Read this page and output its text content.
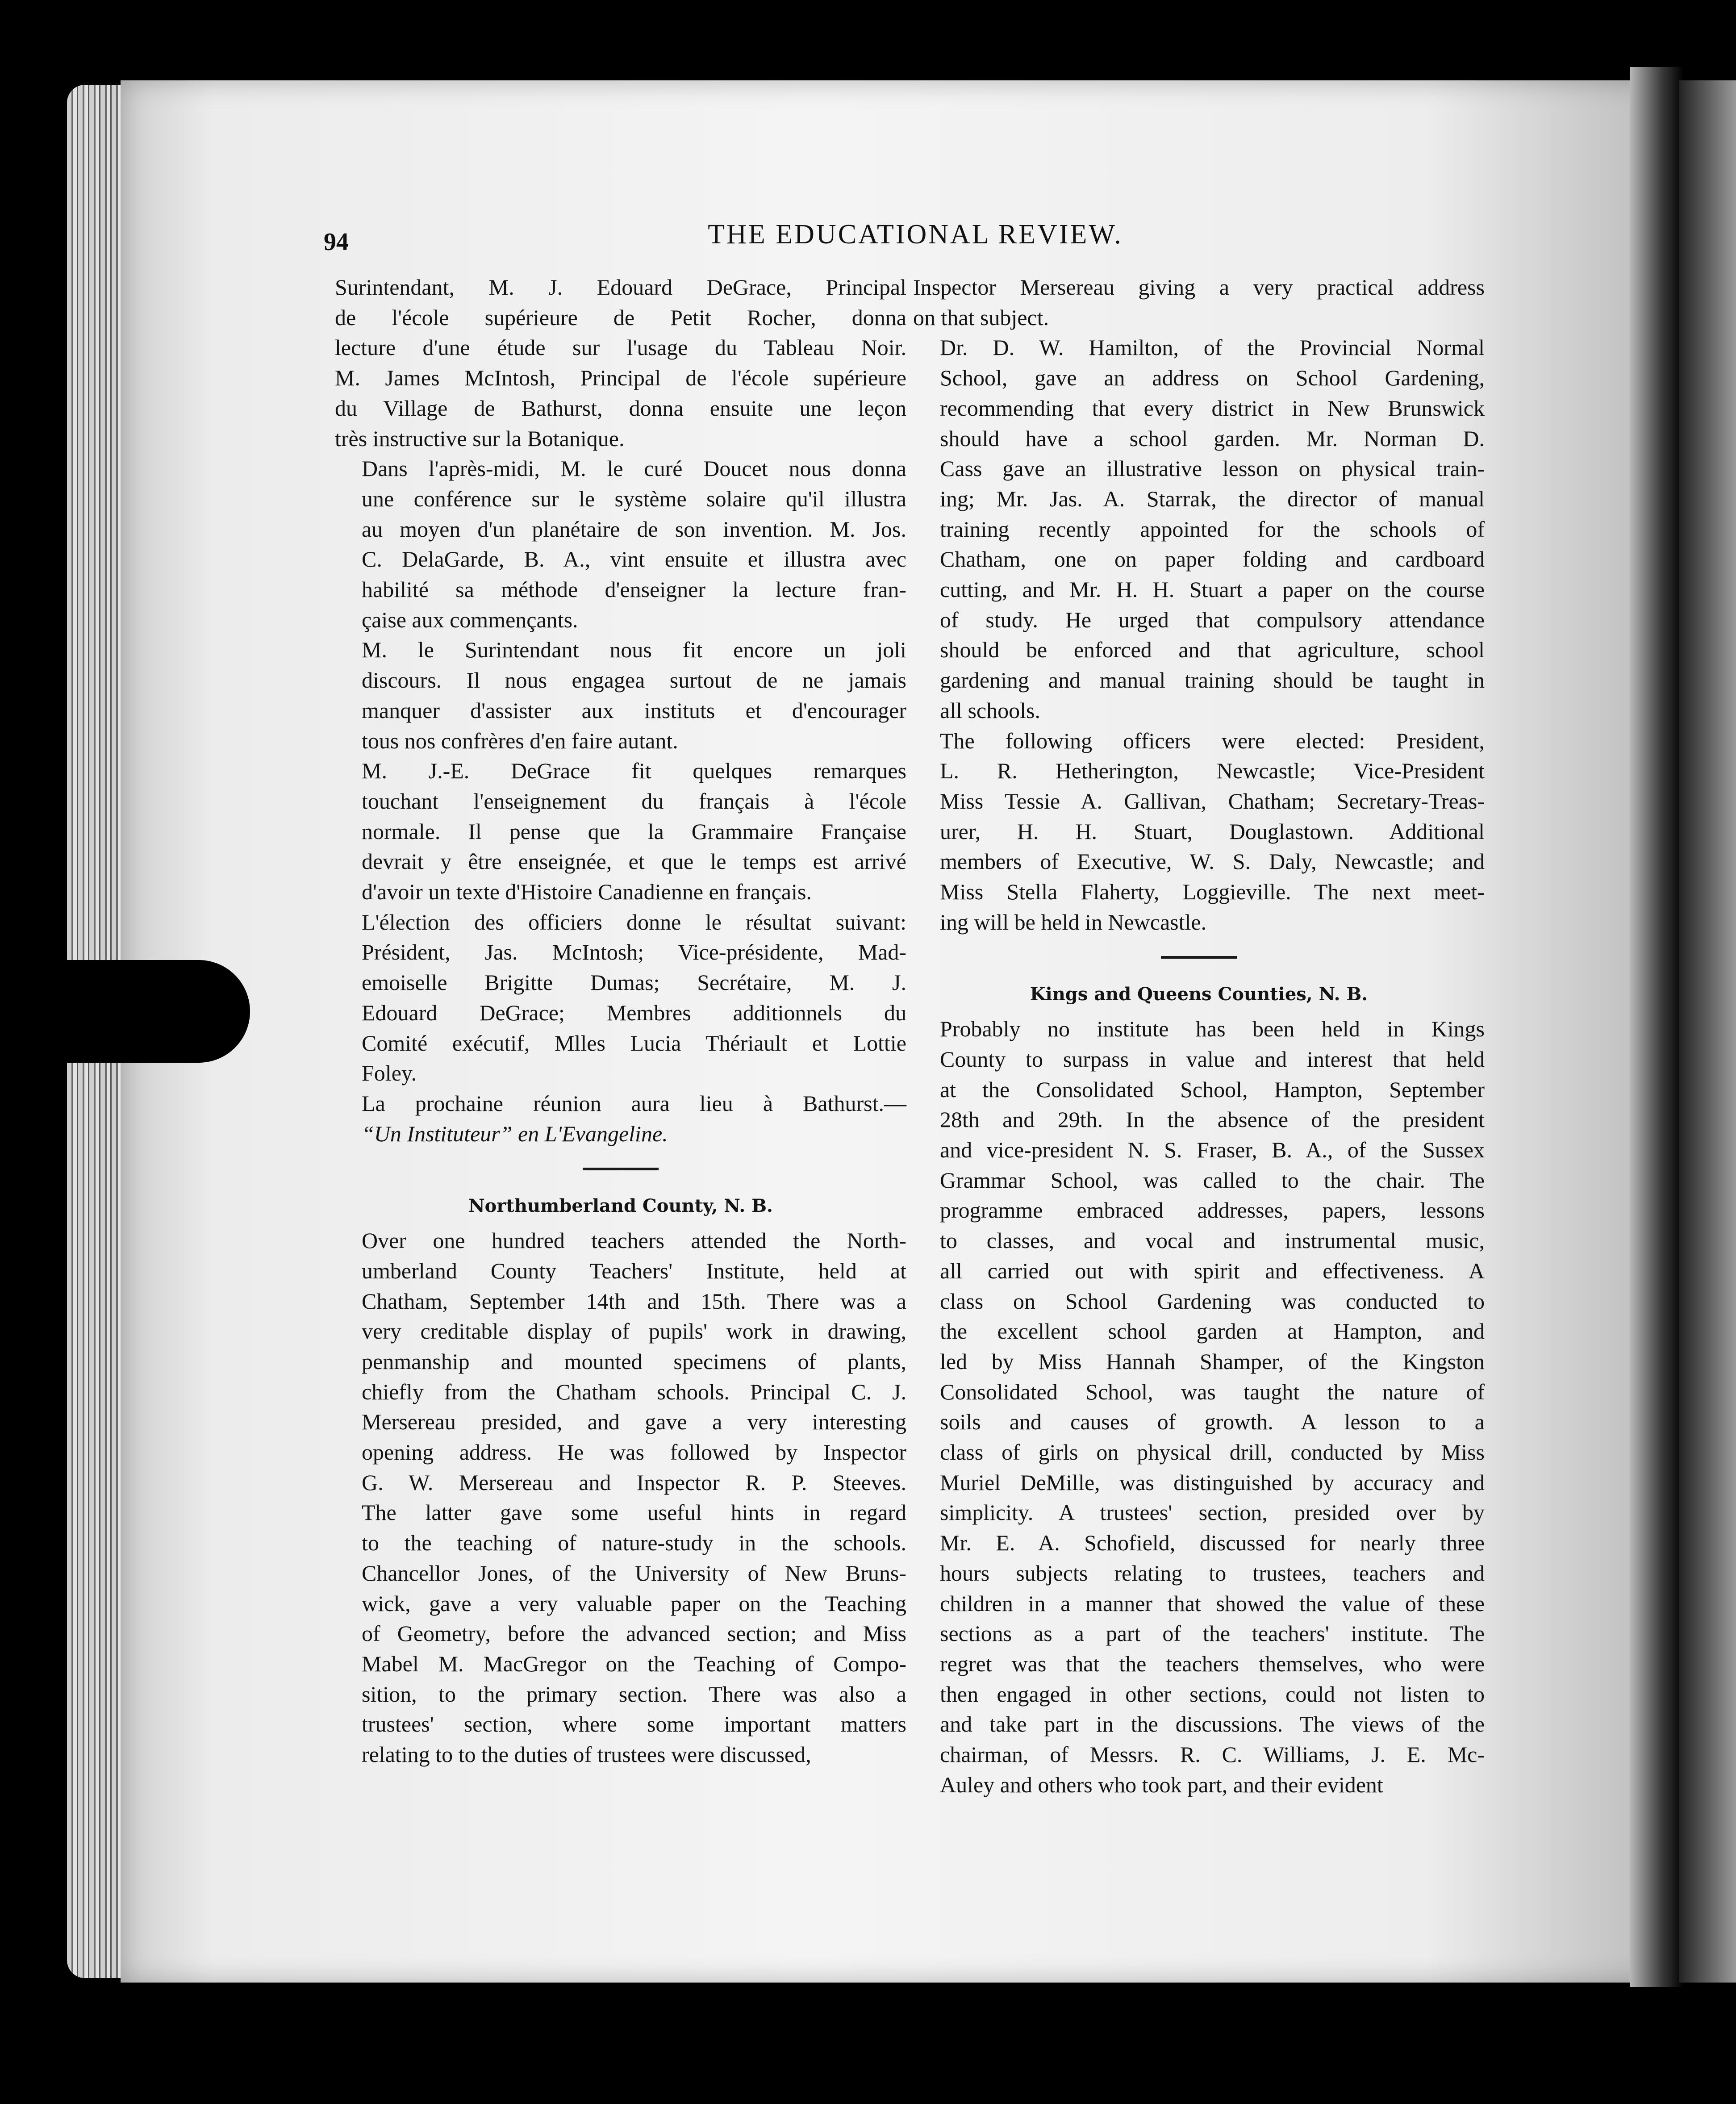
94	THE EDUCATIONAL REVIEW.

Surintendant, M. J. Edouard DeGrace, Principal
de l'école supérieure de Petit Rocher, donna
lecture d'une étude sur l'usage du Tableau Noir.
M. James McIntosh, Principal de l'école supérieure
du Village de Bathurst, donna ensuite une leçon
très instructive sur la Botanique.

Dans l'après-midi, M. le curé Doucet nous donna
une conférence sur le système solaire qu'il illustra
au moyen d'un planétaire de son invention. M. Jos.
C. DelaGarde, B. A., vint ensuite et illustra avec
habilité sa méthode d'enseigner la lecture fran-
çaise aux commençants.

M. le Surintendant nous fit encore un joli
discours. Il nous engagea surtout de ne jamais
manquer d'assister aux instituts et d'encourager
tous nos confrères d'en faire autant.

M. J.-E. DeGrace fit quelques remarques
touchant l'enseignement du français à l'école
normale. Il pense que la Grammaire Française
devrait y être enseignée, et que le temps est arrivé
d'avoir un texte d'Histoire Canadienne en français.

L'élection des officiers donne le résultat suivant:
Président, Jas. McIntosh; Vice-présidente, Mad-
emoiselle Brigitte Dumas; Secrétaire, M. J.
Edouard DeGrace; Membres additionnels du
Comité exécutif, Mlles Lucia Thériault et Lottie
Foley.

La prochaine réunion aura lieu à Bathurst.—
“Un Instituteur” en L'Evangeline.

Northumberland County, N. B.

Over one hundred teachers attended the North-
umberland County Teachers' Institute, held at
Chatham, September 14th and 15th. There was a
very creditable display of pupils' work in drawing,
penmanship and mounted specimens of plants,
chiefly from the Chatham schools. Principal C. J.
Mersereau presided, and gave a very interesting
opening address. He was followed by Inspector
G. W. Mersereau and Inspector R. P. Steeves.
The latter gave some useful hints in regard
to the teaching of nature-study in the schools.
Chancellor Jones, of the University of New Bruns-
wick, gave a very valuable paper on the Teaching
of Geometry, before the advanced section; and Miss
Mabel M. MacGregor on the Teaching of Compo-
sition, to the primary section. There was also a
trustees' section, where some important matters
relating to to the duties of trustees were discussed,

Inspector Mersereau giving a very practical address
on that subject.

Dr. D. W. Hamilton, of the Provincial Normal
School, gave an address on School Gardening,
recommending that every district in New Brunswick
should have a school garden. Mr. Norman D.
Cass gave an illustrative lesson on physical train-
ing; Mr. Jas. A. Starrak, the director of manual
training recently appointed for the schools of
Chatham, one on paper folding and cardboard
cutting, and Mr. H. H. Stuart a paper on the course
of study. He urged that compulsory attendance
should be enforced and that agriculture, school
gardening and manual training should be taught in
all schools.

The following officers were elected: President,
L. R. Hetherington, Newcastle; Vice-President
Miss Tessie A. Gallivan, Chatham; Secretary-Treas-
urer, H. H. Stuart, Douglastown. Additional
members of Executive, W. S. Daly, Newcastle; and
Miss Stella Flaherty, Loggieville. The next meet-
ing will be held in Newcastle.

Kings and Queens Counties, N. B.

Probably no institute has been held in Kings
County to surpass in value and interest that held
at the Consolidated School, Hampton, September
28th and 29th. In the absence of the president
and vice-president N. S. Fraser, B. A., of the Sussex
Grammar School, was called to the chair. The
programme embraced addresses, papers, lessons
to classes, and vocal and instrumental music,
all carried out with spirit and effectiveness. A
class on School Gardening was conducted to
the excellent school garden at Hampton, and
led by Miss Hannah Shamper, of the Kingston
Consolidated School, was taught the nature of
soils and causes of growth. A lesson to a
class of girls on physical drill, conducted by Miss
Muriel DeMille, was distinguished by accuracy and
simplicity. A trustees' section, presided over by
Mr. E. A. Schofield, discussed for nearly three
hours subjects relating to trustees, teachers and
children in a manner that showed the value of these
sections as a part of the teachers' institute. The
regret was that the teachers themselves, who were
then engaged in other sections, could not listen to
and take part in the discussions. The views of the
chairman, of Messrs. R. C. Williams, J. E. Mc-
Auley and others who took part, and their evident
